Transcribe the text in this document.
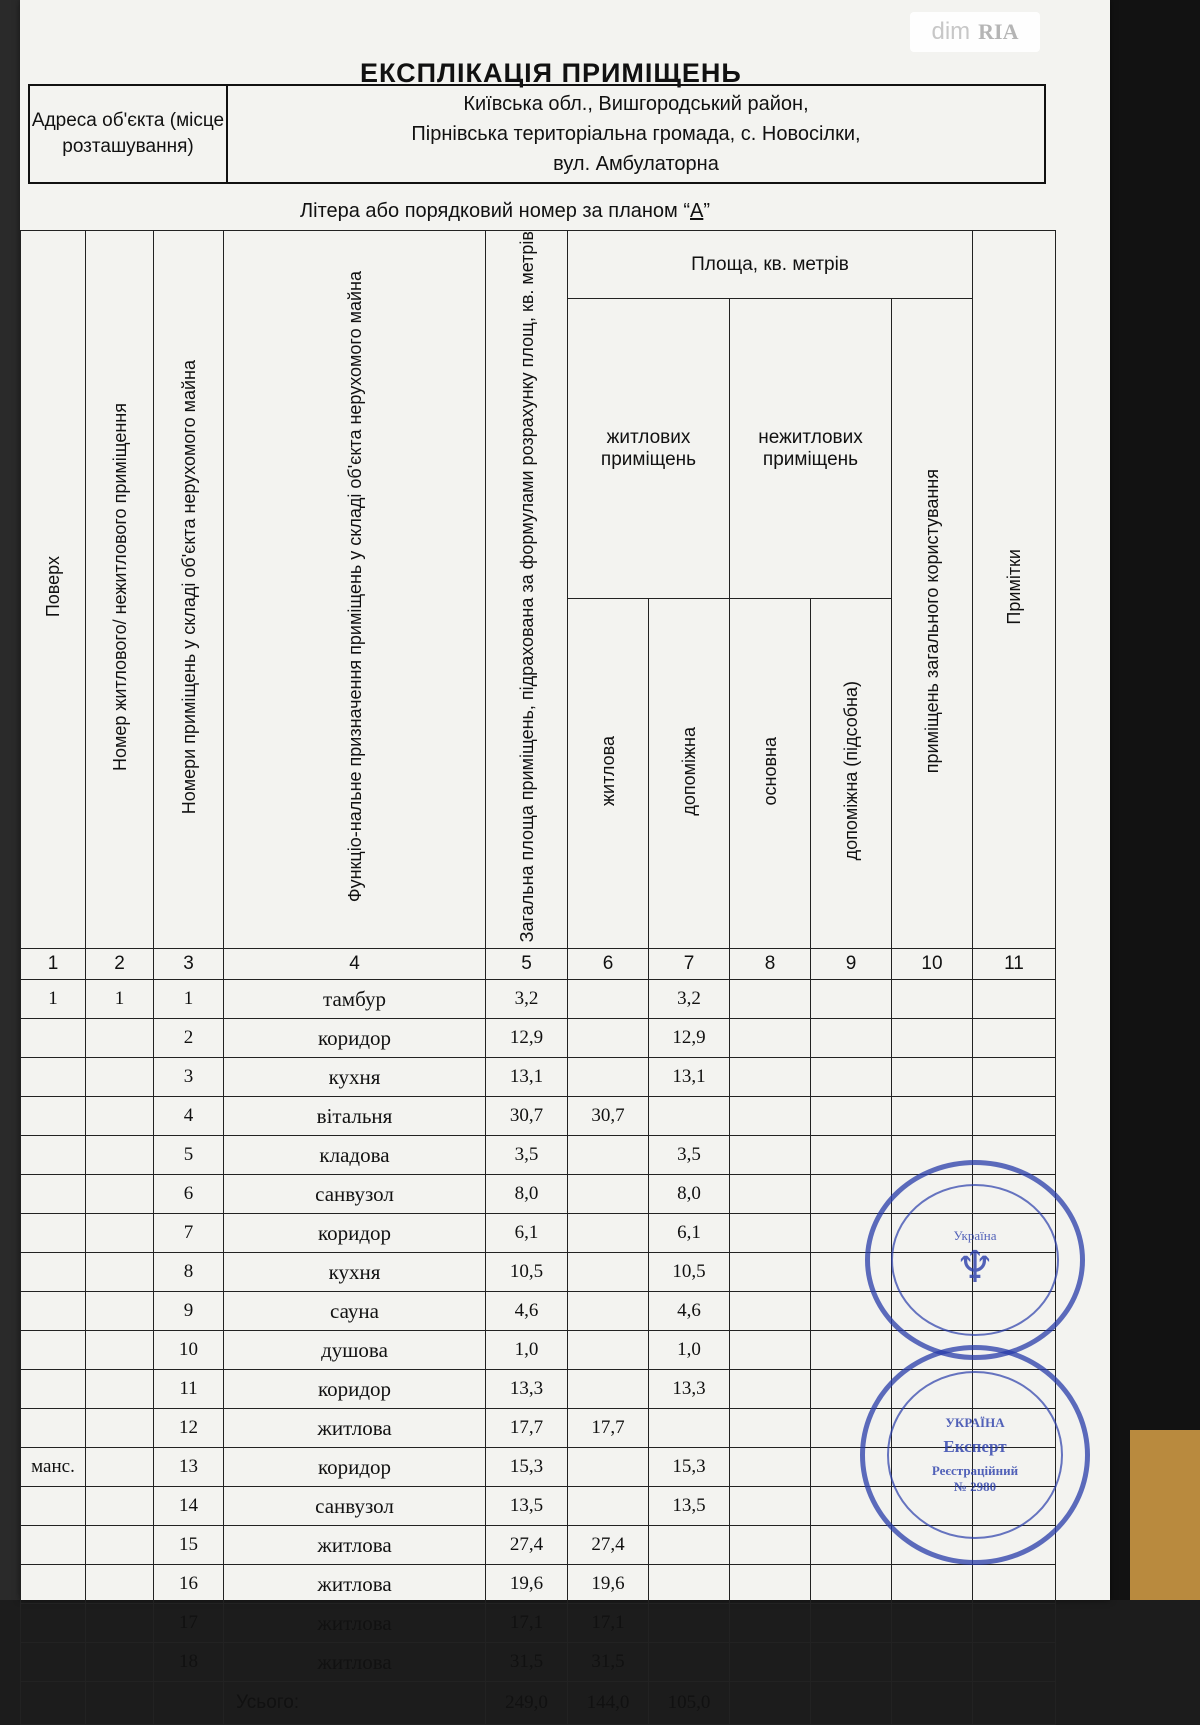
dim RIA
ЕКСПЛІКАЦІЯ ПРИМІЩЕНЬ
Адреса об'єкта (місце розташування)
Київська обл., Вишгородський район,
Пірнівська територіальна громада, с. Новосілки,
вул. Амбулаторна
Літера або порядковий номер за планом “А”
Поверх	Номер житлового/ нежитлового приміщення	Номери приміщень у складі об'єкта нерухомого майна	Функціо-нальне призначення приміщень у складі об'єкта нерухомого майна	Загальна площа приміщень, підрахована за формулами розрахунку площ, кв. метрів	Площа, кв. метрів					Примітки
					житлових приміщень		нежитлових приміщень		приміщень загального користування	
					житлова	допоміжна	основна	допоміжна (підсобна)		
1	2	3	4	5	6	7	8	9	10	11
1	1	1	тамбур	3,2		3,2				
		2	коридор	12,9		12,9				
		3	кухня	13,1		13,1				
		4	вітальня	30,7	30,7					
		5	кладова	3,5		3,5				
		6	санвузол	8,0		8,0				
		7	коридор	6,1		6,1				
		8	кухня	10,5		10,5				
		9	сауна	4,6		4,6				
		10	душова	1,0		1,0				
		11	коридор	13,3		13,3				
		12	житлова	17,7	17,7					
манс.		13	коридор	15,3		15,3				
		14	санвузол	13,5		13,5				
		15	житлова	27,4	27,4					
		16	житлова	19,6	19,6					
		17	житлова	17,1	17,1					
		18	житлова	31,5	31,5					
			Усього:	249,0	144,0	105,0				
Україна
♆
УКРАЇНА
Експерт
Реєстраційний
№ 2980
